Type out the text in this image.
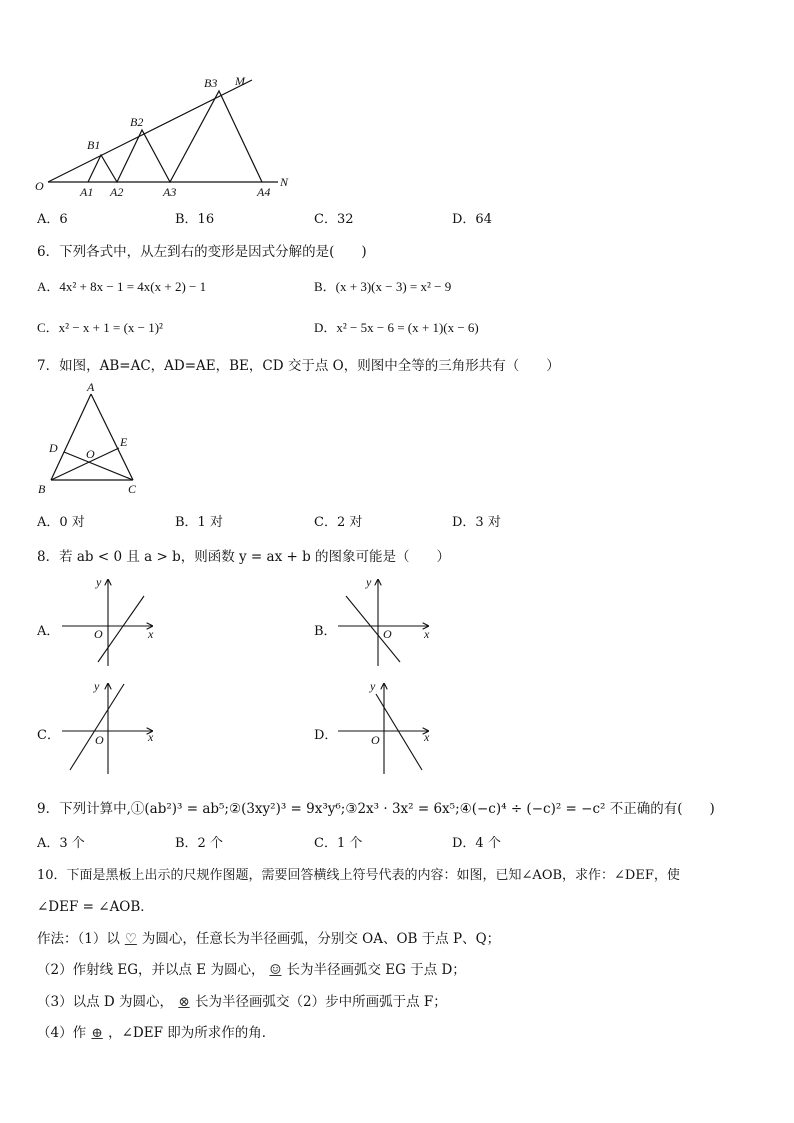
O	A1 A2	A3	A4
B1
B2
B3 M
N
A．6	B．16	C．32	D．64
6．下列各式中，从左到右的变形是因式分解的是(　　)
A．4x² + 8x − 1 = 4x(x + 2) − 1	B．(x + 3)(x − 3) = x² − 9
C．x² − x + 1 = (x − 1)²	D．x² − 5x − 6 = (x + 1)(x − 6)
7．如图，AB=AC，AD=AE，BE，CD 交于点 O，则图中全等的三角形共有（　　）
A
B	C
D	E
O
A．0 对	B．1 对	C．2 对	D．3 对
8．若 ab < 0 且 a > b，则函数 y = ax + b 的图象可能是（　　）
A．
y
x
O	B．
y
x
O
C．
y
x
O	D．
y
x
O
9．下列计算中,①(ab²)³ = ab⁵;②(3xy²)³ = 9x³y⁶;③2x³ · 3x² = 6x⁵;④(−c)⁴ ÷ (−c)² = −c² 不正确的有(　　)
A．3 个	B．2 个	C．1 个	D．4 个
10．下面是黑板上出示的尺规作图题，需要回答横线上符号代表的内容：如图，已知∠AOB，求作：∠DEF，使
∠DEF = ∠AOB．
作法：（1）以 ♡ 为圆心，任意长为半径画弧，分别交 OA、OB 于点 P、Q；
（2）作射线 EG，并以点 E 为圆心， ☺ 长为半径画弧交 EG 于点 D；
（3）以点 D 为圆心， ⊗ 长为半径画弧交（2）步中所画弧于点 F；
（4）作 ⊕ ，∠DEF 即为所求作的角．
